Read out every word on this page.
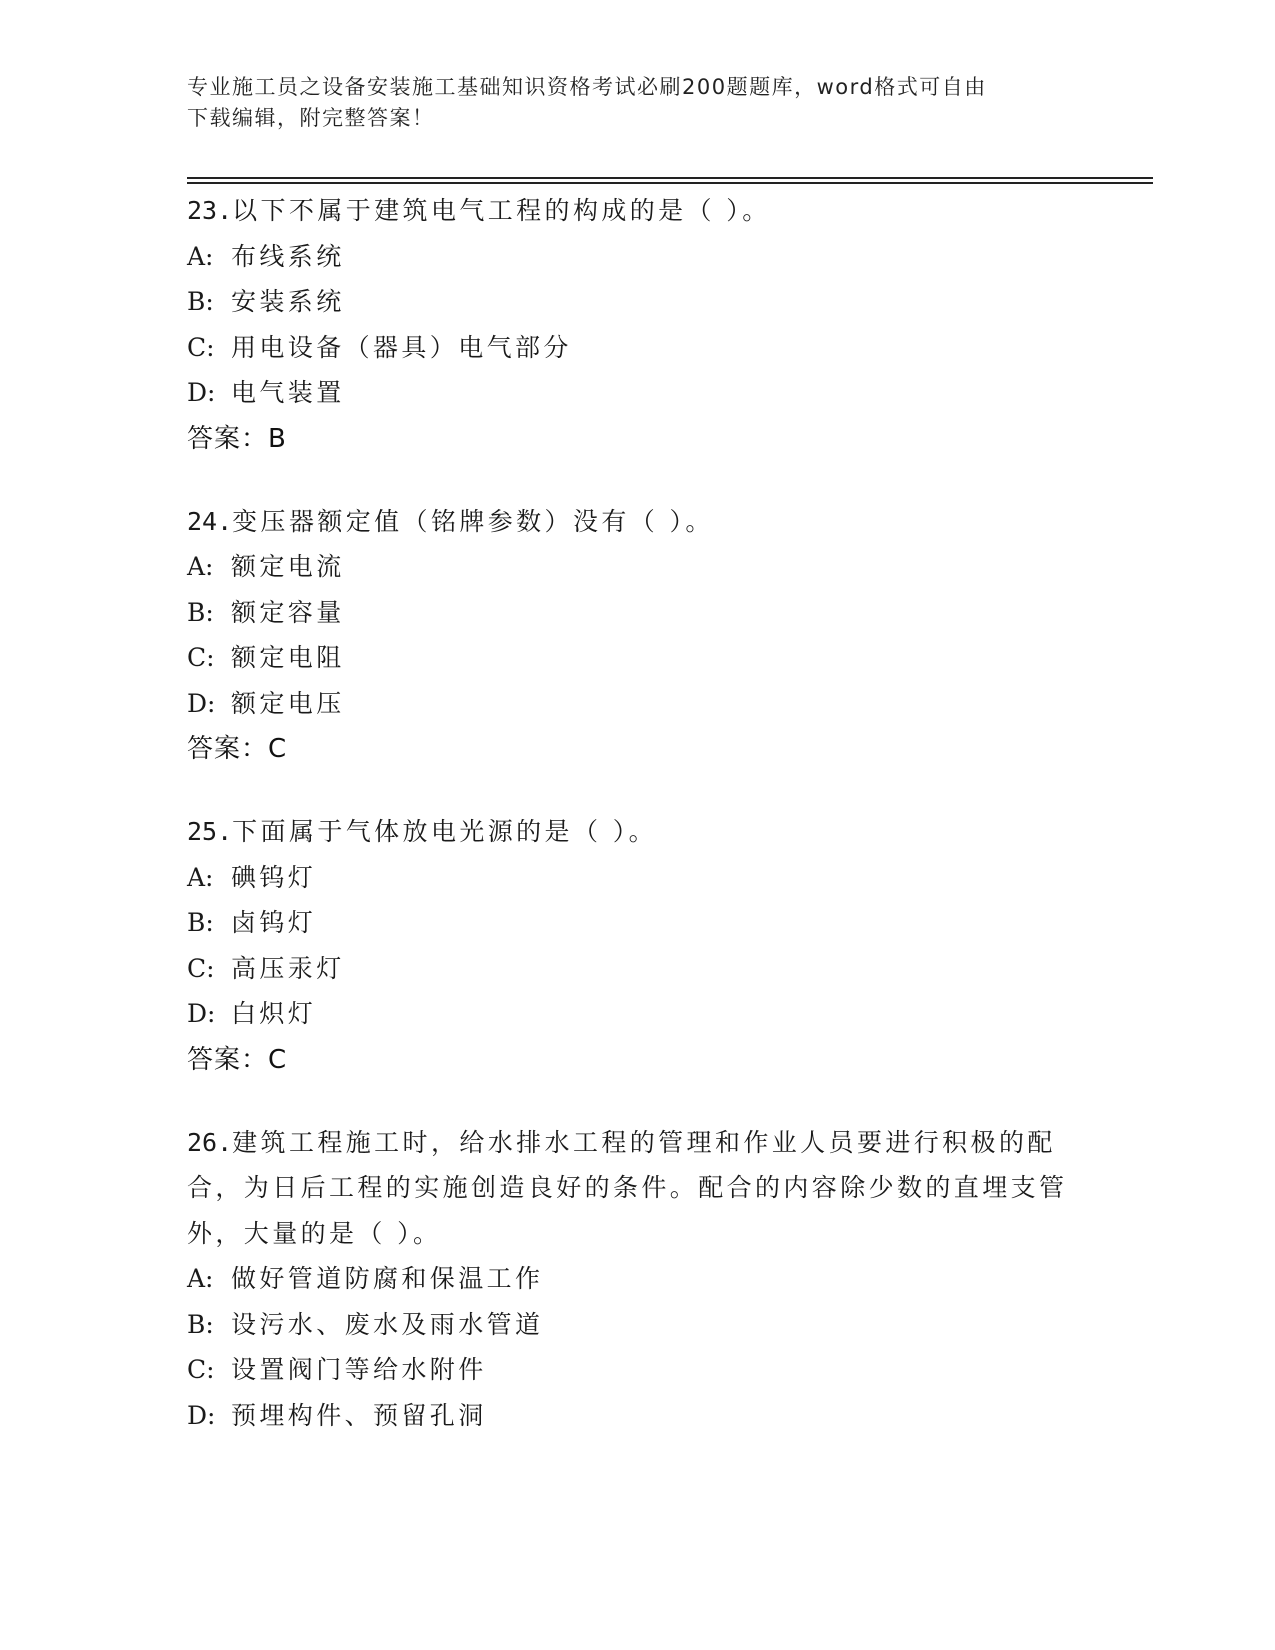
专业施工员之设备安装施工基础知识资格考试必刷200题题库，word格式可自由
下载编辑，附完整答案！
23.以下不属于建筑电气工程的构成的是（ ）。
A: 布线系统
B: 安装系统
C: 用电设备（器具）电气部分
D: 电气装置
答案：B
24.变压器额定值（铭牌参数）没有（ ）。
A: 额定电流
B: 额定容量
C: 额定电阻
D: 额定电压
答案：C
25.下面属于气体放电光源的是（ ）。
A: 碘钨灯
B: 卤钨灯
C: 高压汞灯
D: 白炽灯
答案：C
26.建筑工程施工时，给水排水工程的管理和作业人员要进行积极的配合，为日后工程的实施创造良好的条件。配合的内容除少数的直埋支管外，大量的是（ ）。
A: 做好管道防腐和保温工作
B: 设污水、废水及雨水管道
C: 设置阀门等给水附件
D: 预埋构件、预留孔洞
